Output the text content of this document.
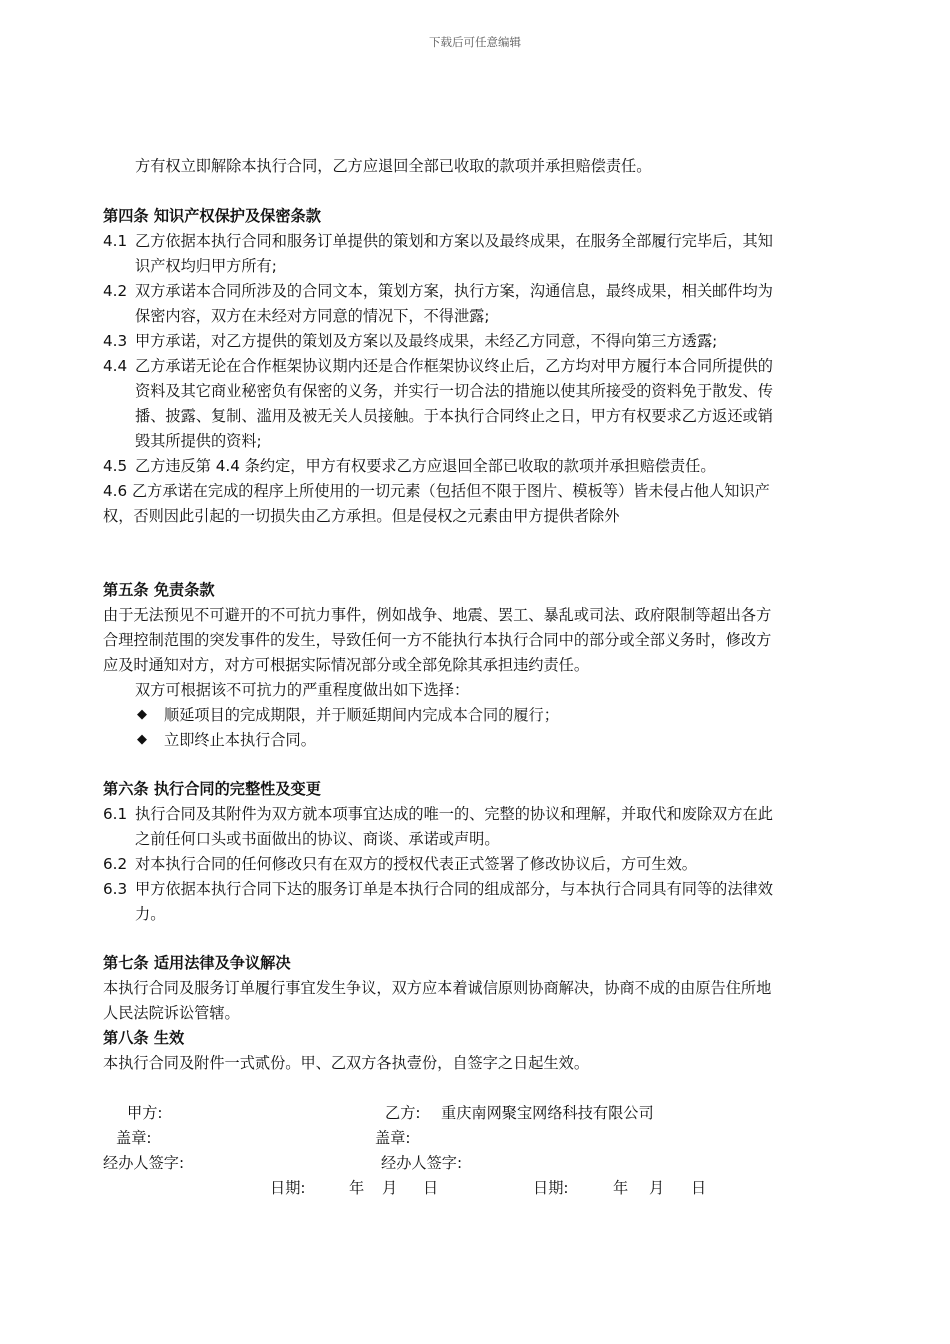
下载后可任意编辑
方有权立即解除本执行合同，乙方应退回全部已收取的款项并承担赔偿责任。
第四条 知识产权保护及保密条款
4.1 乙方依据本执行合同和服务订单提供的策划和方案以及最终成果，在服务全部履行完毕后，其知
识产权均归甲方所有;
4.2 双方承诺本合同所涉及的合同文本，策划方案，执行方案，沟通信息，最终成果，相关邮件均为
保密内容，双方在未经对方同意的情况下，不得泄露;
4.3 甲方承诺，对乙方提供的策划及方案以及最终成果，未经乙方同意，不得向第三方透露;
4.4 乙方承诺无论在合作框架协议期内还是合作框架协议终止后，乙方均对甲方履行本合同所提供的
资料及其它商业秘密负有保密的义务，并实行一切合法的措施以使其所接受的资料免于散发、传
播、披露、复制、滥用及被无关人员接触。于本执行合同终止之日，甲方有权要求乙方返还或销
毁其所提供的资料;
4.5 乙方违反第 4.4 条约定，甲方有权要求乙方应退回全部已收取的款项并承担赔偿责任。
4.6 乙方承诺在完成的程序上所使用的一切元素（包括但不限于图片、模板等）皆未侵占他人知识产
权，否则因此引起的一切损失由乙方承担。但是侵权之元素由甲方提供者除外
第五条 免责条款
由于无法预见不可避开的不可抗力事件，例如战争、地震、罢工、暴乱或司法、政府限制等超出各方
合理控制范围的突发事件的发生，导致任何一方不能执行本执行合同中的部分或全部义务时，修改方
应及时通知对方，对方可根据实际情况部分或全部免除其承担违约责任。
双方可根据该不可抗力的严重程度做出如下选择：
◆ 顺延项目的完成期限，并于顺延期间内完成本合同的履行；
◆ 立即终止本执行合同。
第六条 执行合同的完整性及变更
6.1 执行合同及其附件为双方就本项事宜达成的唯一的、完整的协议和理解，并取代和废除双方在此
之前任何口头或书面做出的协议、商谈、承诺或声明。
6.2 对本执行合同的任何修改只有在双方的授权代表正式签署了修改协议后，方可生效。
6.3 甲方依据本执行合同下达的服务订单是本执行合同的组成部分，与本执行合同具有同等的法律效
力。
第七条 适用法律及争议解决
本执行合同及服务订单履行事宜发生争议，双方应本着诚信原则协商解决，协商不成的由原告住所地
人民法院诉讼管辖。
第八条 生效
本执行合同及附件一式贰份。甲、乙双方各执壹份，自签字之日起生效。
甲方:	乙方: 重庆南网聚宝网络科技有限公司
盖章:	盖章:
经办人签字:	经办人签字:
日期:	年 月 日	日期:	年 月 日
